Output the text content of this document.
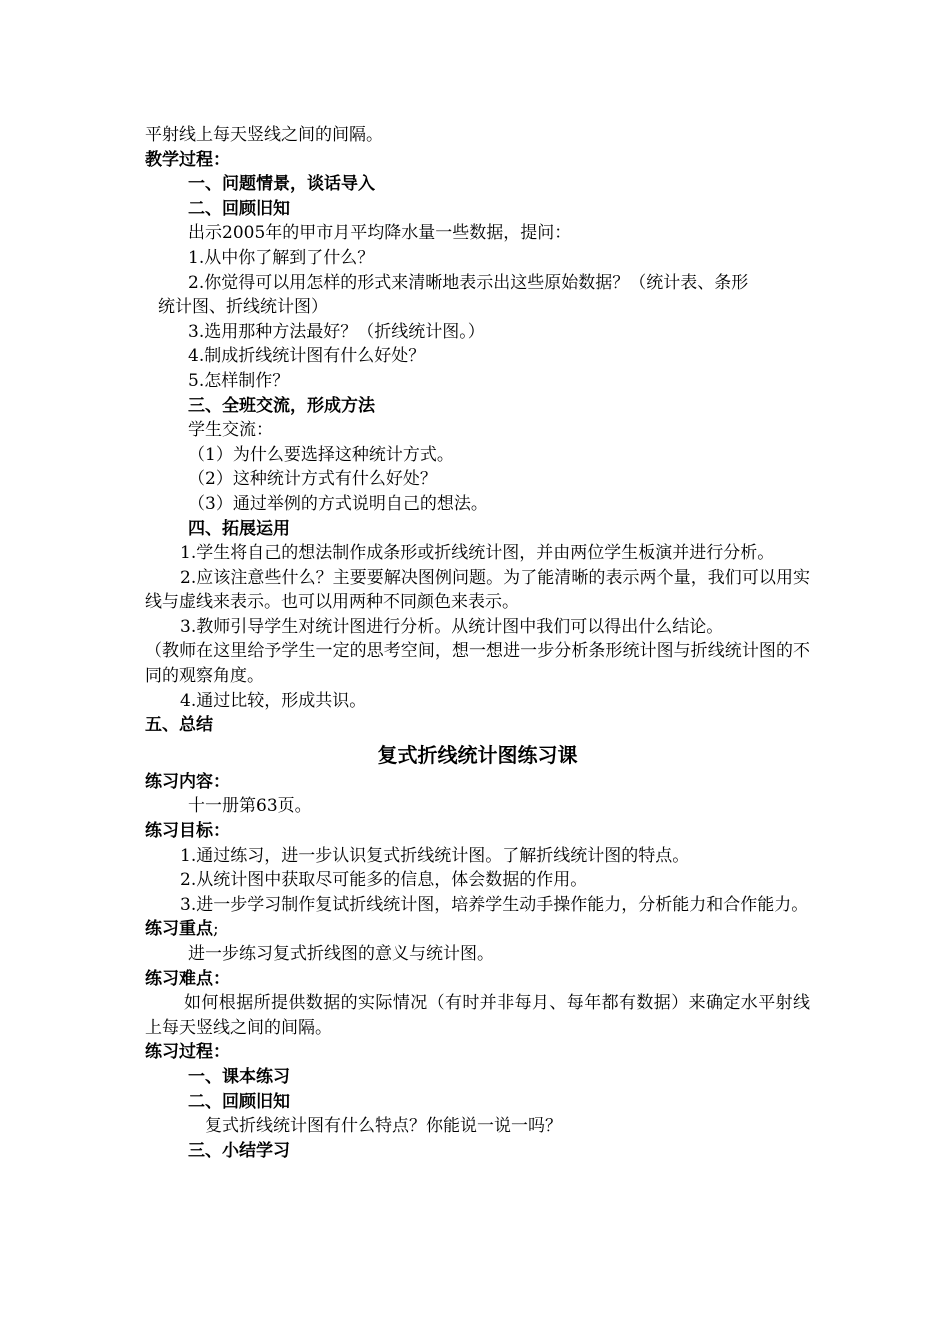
平射线上每天竖线之间的间隔。
教学过程：
一、问题情景，谈话导入
二、回顾旧知
出示2005年的甲市月平均降水量一些数据，提问：
1.从中你了解到了什么？
2.你觉得可以用怎样的形式来清晰地表示出这些原始数据？（统计表、条形
统计图、折线统计图）
3.选用那种方法最好？（折线统计图。）
4.制成折线统计图有什么好处？
5.怎样制作？
三、全班交流，形成方法
学生交流：
（1）为什么要选择这种统计方式。
（2）这种统计方式有什么好处？
（3）通过举例的方式说明自己的想法。
四、拓展运用
1.学生将自己的想法制作成条形或折线统计图，并由两位学生板演并进行分析。
2.应该注意些什么？主要要解决图例问题。为了能清晰的表示两个量，我们可以用实线与虚线来表示。也可以用两种不同颜色来表示。
3.教师引导学生对统计图进行分析。从统计图中我们可以得出什么结论。
（教师在这里给予学生一定的思考空间，想一想进一步分析条形统计图与折线统计图的不同的观察角度。
4.通过比较，形成共识。
五、总结
复式折线统计图练习课
练习内容：
十一册第63页。
练习目标：
1.通过练习，进一步认识复式折线统计图。了解折线统计图的特点。
2.从统计图中获取尽可能多的信息，体会数据的作用。
3.进一步学习制作复试折线统计图，培养学生动手操作能力，分析能力和合作能力。
练习重点;
进一步练习复式折线图的意义与统计图。
练习难点：
如何根据所提供数据的实际情况（有时并非每月、每年都有数据）来确定水平射线上每天竖线之间的间隔。
练习过程：
一、课本练习
二、回顾旧知
复式折线统计图有什么特点？你能说一说一吗？
三、小结学习
